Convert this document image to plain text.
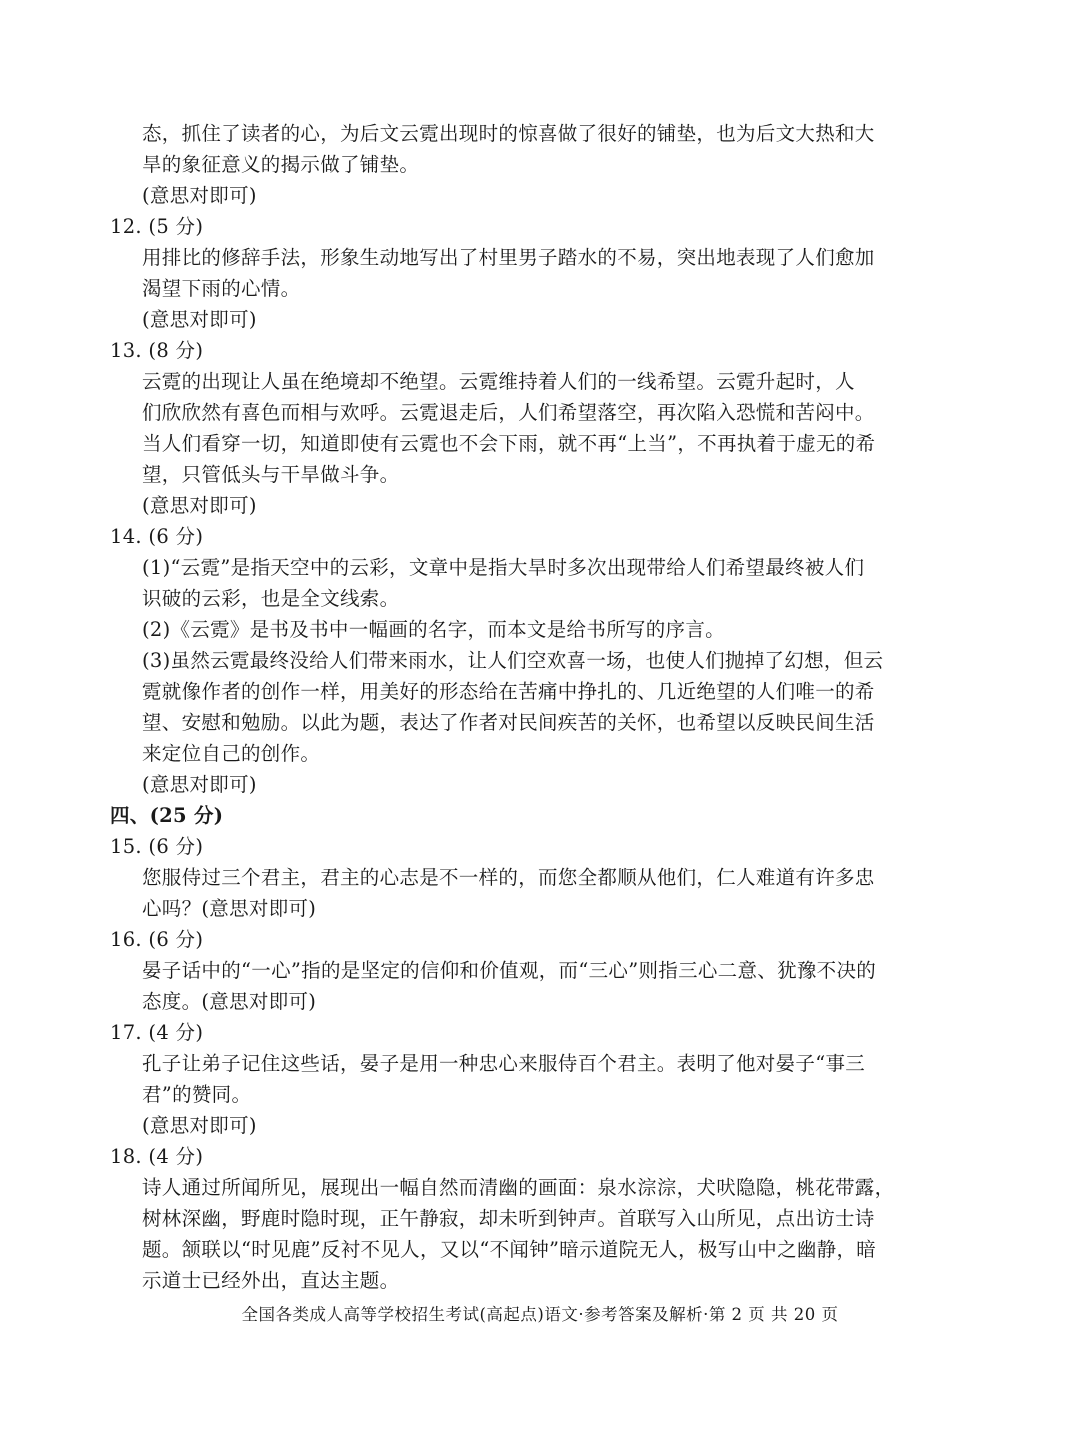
态，抓住了读者的心，为后文云霓出现时的惊喜做了很好的铺垫，也为后文大热和大
旱的象征意义的揭示做了铺垫。
(意思对即可)
12. (5 分)
用排比的修辞手法，形象生动地写出了村里男子踏水的不易，突出地表现了人们愈加
渴望下雨的心情。
(意思对即可)
13. (8 分)
云霓的出现让人虽在绝境却不绝望。云霓维持着人们的一线希望。云霓升起时，人
们欣欣然有喜色而相与欢呼。云霓退走后，人们希望落空，再次陷入恐慌和苦闷中。
当人们看穿一切，知道即使有云霓也不会下雨，就不再“上当”，不再执着于虚无的希
望，只管低头与干旱做斗争。
(意思对即可)
14. (6 分)
(1)“云霓”是指天空中的云彩，文章中是指大旱时多次出现带给人们希望最终被人们
识破的云彩，也是全文线索。
(2)《云霓》是书及书中一幅画的名字，而本文是给书所写的序言。
(3)虽然云霓最终没给人们带来雨水，让人们空欢喜一场，也使人们抛掉了幻想，但云
霓就像作者的创作一样，用美好的形态给在苦痛中挣扎的、几近绝望的人们唯一的希
望、安慰和勉励。以此为题，表达了作者对民间疾苦的关怀，也希望以反映民间生活
来定位自己的创作。
(意思对即可)
四、(25 分)
15. (6 分)
您服侍过三个君主，君主的心志是不一样的，而您全都顺从他们，仁人难道有许多忠
心吗？(意思对即可)
16. (6 分)
晏子话中的“一心”指的是坚定的信仰和价值观，而“三心”则指三心二意、犹豫不决的
态度。(意思对即可)
17. (4 分)
孔子让弟子记住这些话，晏子是用一种忠心来服侍百个君主。表明了他对晏子“事三
君”的赞同。
(意思对即可)
18. (4 分)
诗人通过所闻所见，展现出一幅自然而清幽的画面：泉水淙淙，犬吠隐隐，桃花带露，
树林深幽，野鹿时隐时现，正午静寂，却未听到钟声。首联写入山所见，点出访士诗
题。颔联以“时见鹿”反衬不见人，又以“不闻钟”暗示道院无人，极写山中之幽静，暗
示道士已经外出，直达主题。
全国各类成人高等学校招生考试(高起点)语文·参考答案及解析·第 2 页 共 20 页
